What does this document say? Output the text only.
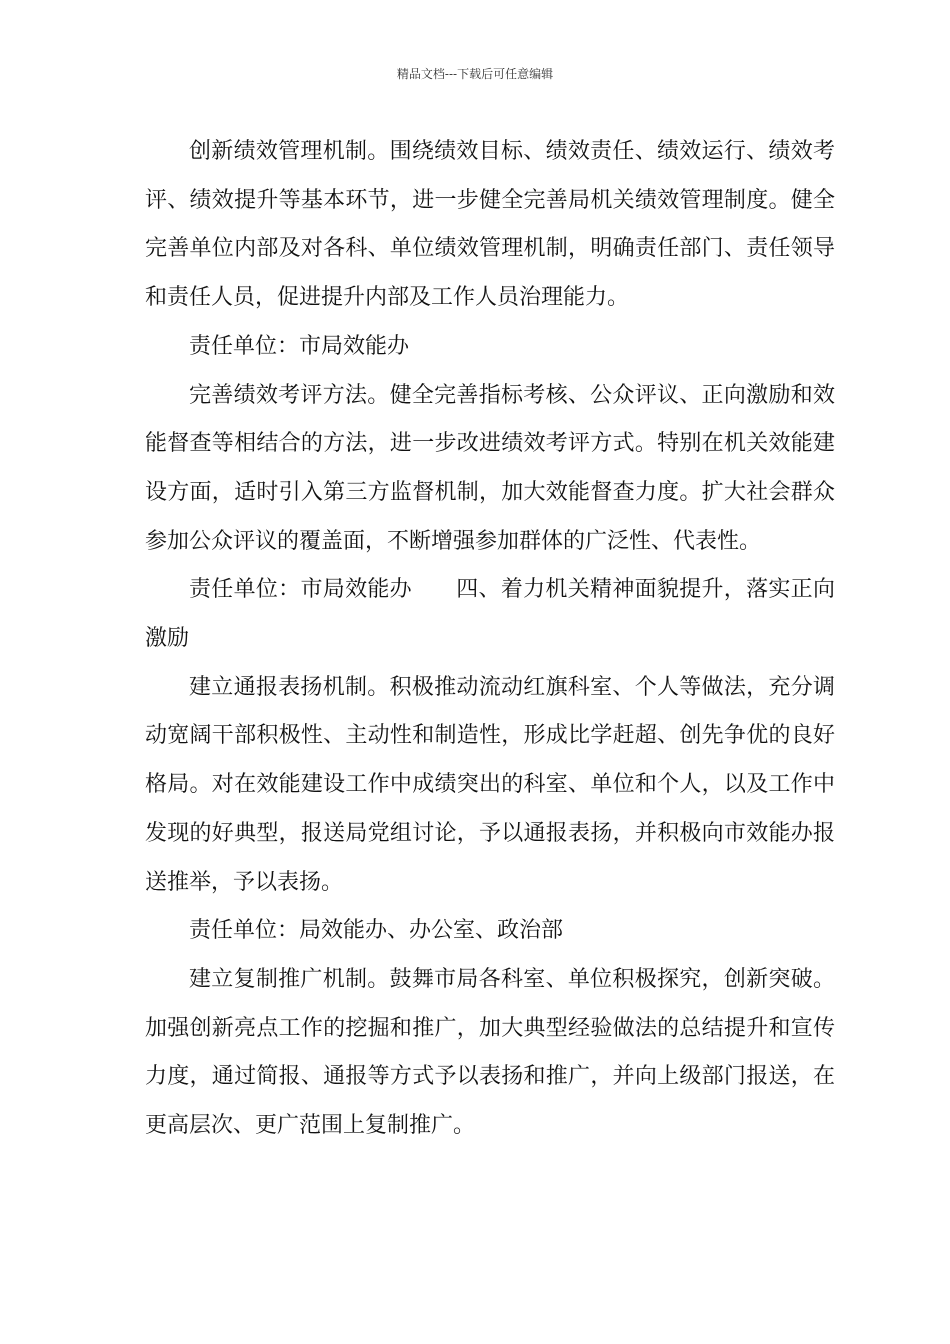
精品文档---下载后可任意编辑

创新绩效管理机制。围绕绩效目标、绩效责任、绩效运行、绩效考评、绩效提升等基本环节，进一步健全完善局机关绩效管理制度。健全完善单位内部及对各科、单位绩效管理机制，明确责任部门、责任领导和责任人员，促进提升内部及工作人员治理能力。

责任单位：市局效能办

完善绩效考评方法。健全完善指标考核、公众评议、正向激励和效能督查等相结合的方法，进一步改进绩效考评方式。特别在机关效能建设方面，适时引入第三方监督机制，加大效能督查力度。扩大社会群众参加公众评议的覆盖面，不断增强参加群体的广泛性、代表性。

责任单位：市局效能办 四、着力机关精神面貌提升，落实正向激励

建立通报表扬机制。积极推动流动红旗科室、个人等做法，充分调动宽阔干部积极性、主动性和制造性，形成比学赶超、创先争优的良好格局。对在效能建设工作中成绩突出的科室、单位和个人，以及工作中发现的好典型，报送局党组讨论，予以通报表扬，并积极向市效能办报送推举，予以表扬。

责任单位：局效能办、办公室、政治部

建立复制推广机制。鼓舞市局各科室、单位积极探究，创新突破。加强创新亮点工作的挖掘和推广，加大典型经验做法的总结提升和宣传力度，通过简报、通报等方式予以表扬和推广，并向上级部门报送，在更高层次、更广范围上复制推广。
